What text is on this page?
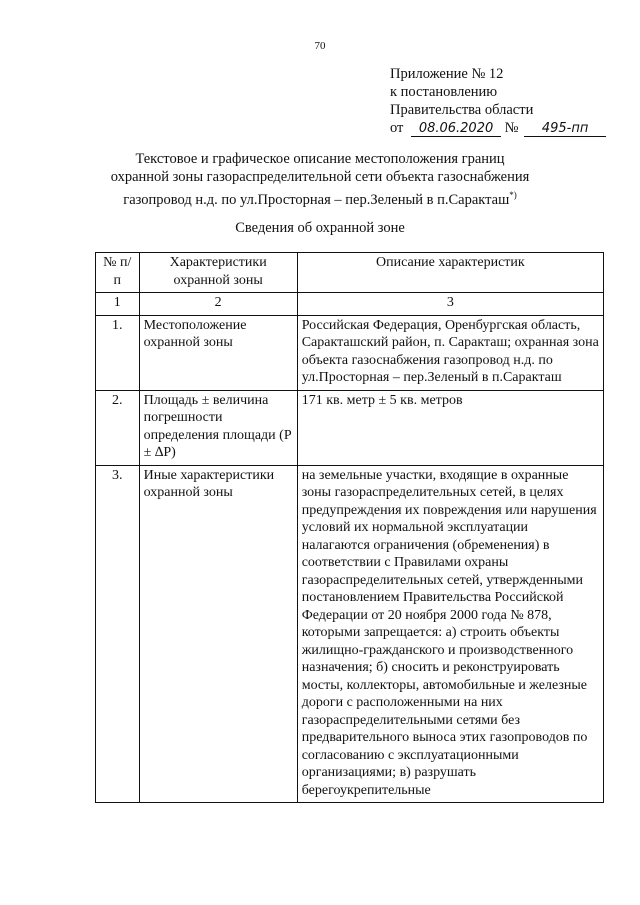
70
Приложение № 12
к постановлению
Правительства области
от 08.06.2020 № 495-пп
Текстовое и графическое описание местоположения границ
охранной зоны газораспределительной сети объекта газоснабжения
газопровод н.д. по ул.Просторная – пер.Зеленый в п.Саракташ*)
Сведения об охранной зоне
№ п/п	Характеристики охранной зоны	Описание характеристик
1	2	3
1.	Местоположение охранной зоны	Российская Федерация, Оренбургская область, Саракташский район, п. Саракташ; охранная зона объекта газоснабжения газопровод н.д. по ул.Просторная – пер.Зеленый в п.Саракташ
2.	Площадь ± величина погрешности определения площади (P ± ∆P)	171 кв. метр ± 5 кв. метров
3.	Иные характеристики охранной зоны	на земельные участки, входящие в охранные зоны газораспределительных сетей, в целях предупреждения их повреждения или нарушения условий их нормальной эксплуатации налагаются ограничения (обременения) в соответствии с Правилами охраны газораспределительных сетей, утвержденными постановлением Правительства Российской Федерации от 20 ноября 2000 года № 878, которыми запрещается: а) строить объекты жилищно-гражданского и производственного назначения; б) сносить и реконструировать мосты, коллекторы, автомобильные и железные дороги с расположенными на них газораспределительными сетями без предварительного выноса этих газопроводов по согласованию с эксплуатационными организациями; в) разрушать берегоукрепительные
